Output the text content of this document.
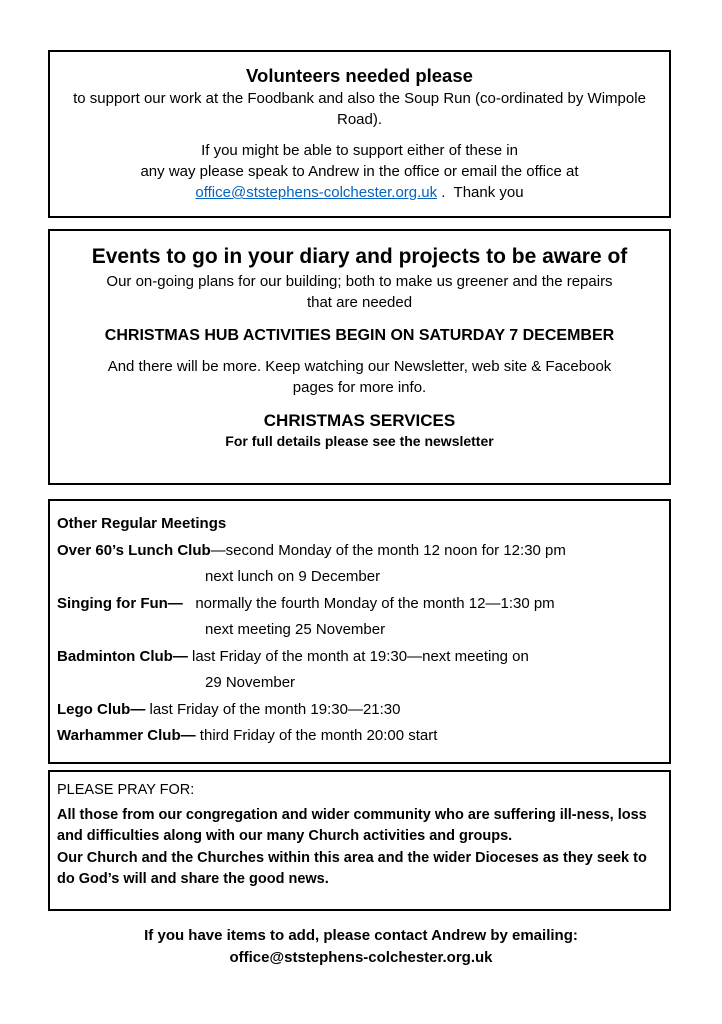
Volunteers needed please

to support our work at the Foodbank and also the Soup Run (co-ordinated by Wimpole Road).

If you might be able to support either of these in

any way please speak to Andrew in the office or email the office at

office@ststephens-colchester.org.uk .  Thank you

Events to go in your diary and projects to be aware of

Our on-going plans for our building; both to make us greener and the repairs that are needed

CHRISTMAS HUB ACTIVITIES BEGIN ON SATURDAY 7 DECEMBER

And there will be more. Keep watching our Newsletter, web site & Facebook pages for more info.

CHRISTMAS SERVICES

For full details please see the newsletter

Other Regular Meetings

Over 60’s Lunch Club—second Monday of the month 12 noon for 12:30 pm

next lunch on 9 December

Singing for Fun—   normally the fourth Monday of the month 12—1:30 pm

next meeting 25 November

Badminton Club— last Friday of the month at 19:30—next meeting on

29 November

Lego Club— last Friday of the month 19:30—21:30

Warhammer Club— third Friday of the month 20:00 start

PLEASE PRAY FOR:

All those from our congregation and wider community who are suffering ill-ness, loss and difficulties along with our many Church activities and groups.

Our Church and the Churches within this area and the wider Dioceses as they seek to do God’s will and share the good news.

If you have items to add, please contact Andrew by emailing:

office@ststephens-colchester.org.uk
